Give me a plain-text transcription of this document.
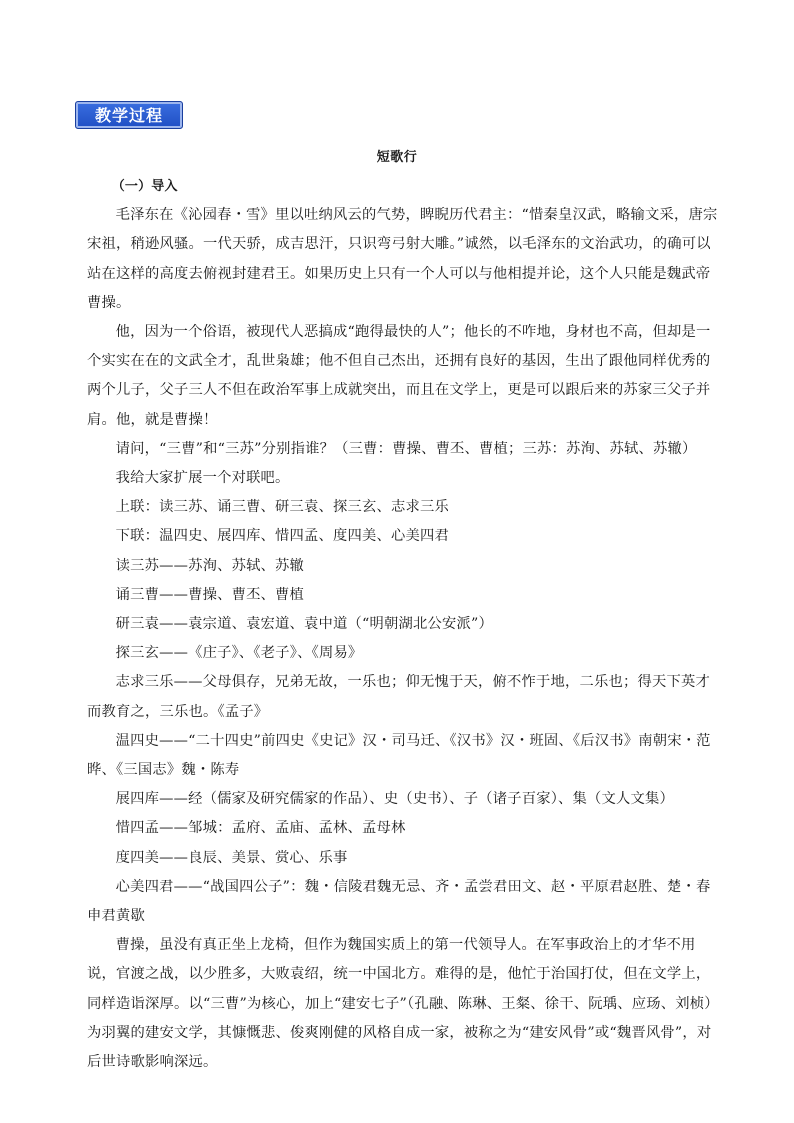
教学过程
短歌行

（一）导入

毛泽东在《沁园春・雪》里以吐纳风云的气势，睥睨历代君主：“惜秦皇汉武，略输文采，唐宗宋祖，稍逊风骚。一代天骄，成吉思汗，只识弯弓射大雕。”诚然，以毛泽东的文治武功，的确可以站在这样的高度去俯视封建君王。如果历史上只有一个人可以与他相提并论，这个人只能是魏武帝曹操。

他，因为一个俗语，被现代人恶搞成“跑得最快的人”；他长的不咋地，身材也不高，但却是一个实实在在的文武全才，乱世枭雄；他不但自己杰出，还拥有良好的基因，生出了跟他同样优秀的两个儿子，父子三人不但在政治军事上成就突出，而且在文学上，更是可以跟后来的苏家三父子并肩。他，就是曹操！

请问，“三曹”和“三苏”分别指谁？（三曹：曹操、曹丕、曹植；三苏：苏洵、苏轼、苏辙）

我给大家扩展一个对联吧。

上联：读三苏、诵三曹、研三袁、探三玄、志求三乐

下联：温四史、展四库、惜四孟、度四美、心美四君

读三苏——苏洵、苏轼、苏辙

诵三曹——曹操、曹丕、曹植

研三袁——袁宗道、袁宏道、袁中道（“明朝湖北公安派”）

探三玄——《庄子》、《老子》、《周易》

志求三乐——父母俱存，兄弟无故，一乐也；仰无愧于天，俯不怍于地，二乐也；得天下英才而教育之，三乐也。《孟子》

温四史——“二十四史”前四史《史记》汉・司马迁、《汉书》汉・班固、《后汉书》南朝宋・范晔、《三国志》魏・陈寿

展四库——经（儒家及研究儒家的作品）、史（史书）、子（诸子百家）、集（文人文集）

惜四孟——邹城：孟府、孟庙、孟林、孟母林

度四美——良辰、美景、赏心、乐事

心美四君——“战国四公子”：魏・信陵君魏无忌、齐・孟尝君田文、赵・平原君赵胜、楚・春申君黄歇

曹操，虽没有真正坐上龙椅，但作为魏国实质上的第一代领导人。在军事政治上的才华不用说，官渡之战，以少胜多，大败袁绍，统一中国北方。难得的是，他忙于治国打仗，但在文学上，同样造诣深厚。以“三曹”为核心，加上“建安七子”（孔融、陈琳、王粲、徐干、阮瑀、应玚、刘桢）为羽翼的建安文学，其慷慨悲、俊爽刚健的风格自成一家，被称之为“建安风骨”或“魏晋风骨”，对后世诗歌影响深远。
